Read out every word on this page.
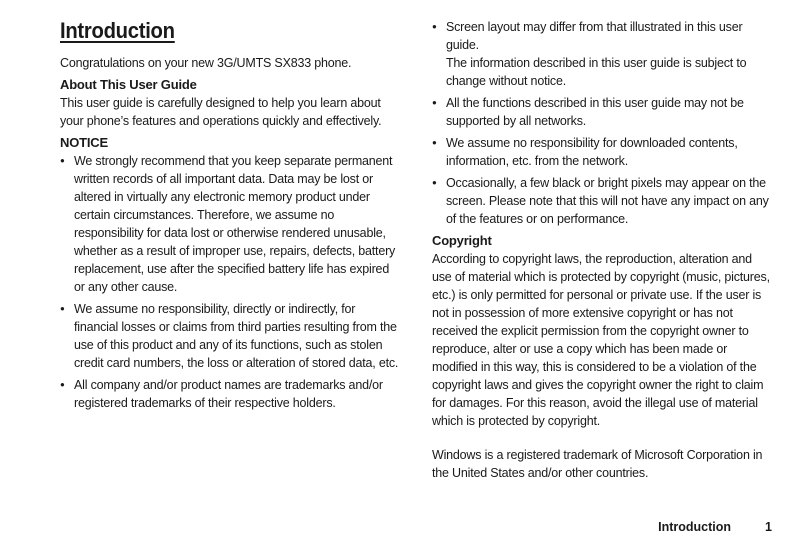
Introduction

Congratulations on your new 3G/UMTS SX833 phone.

About This User Guide

This user guide is carefully designed to help you learn about your phone’s features and operations quickly and effectively.

NOTICE
● We strongly recommend that you keep separate permanent written records of all important data. Data may be lost or altered in virtually any electronic memory product under certain circumstances. Therefore, we assume no responsibility for data lost or otherwise rendered unusable, whether as a result of improper use, repairs, defects, battery replacement, use after the specified battery life has expired or any other cause.
● We assume no responsibility, directly or indirectly, for financial losses or claims from third parties resulting from the use of this product and any of its functions, such as stolen credit card numbers, the loss or alteration of stored data, etc.
● All company and/or product names are trademarks and/or registered trademarks of their respective holders.
● Screen layout may differ from that illustrated in this user guide.
The information described in this user guide is subject to change without notice.
● All the functions described in this user guide may not be supported by all networks.
● We assume no responsibility for downloaded contents, information, etc. from the network.
● Occasionally, a few black or bright pixels may appear on the screen. Please note that this will not have any impact on any of the features or on performance.
Copyright

According to copyright laws, the reproduction, alteration and use of material which is protected by copyright (music, pictures, etc.) is only permitted for personal or private use. If the user is not in possession of more extensive copyright or has not received the explicit permission from the copyright owner to reproduce, alter or use a copy which has been made or modified in this way, this is considered to be a violation of the copyright laws and gives the copyright owner the right to claim for damages. For this reason, avoid the illegal use of material which is protected by copyright.

Windows is a registered trademark of Microsoft Corporation in the United States and/or other countries.

Introduction	1
